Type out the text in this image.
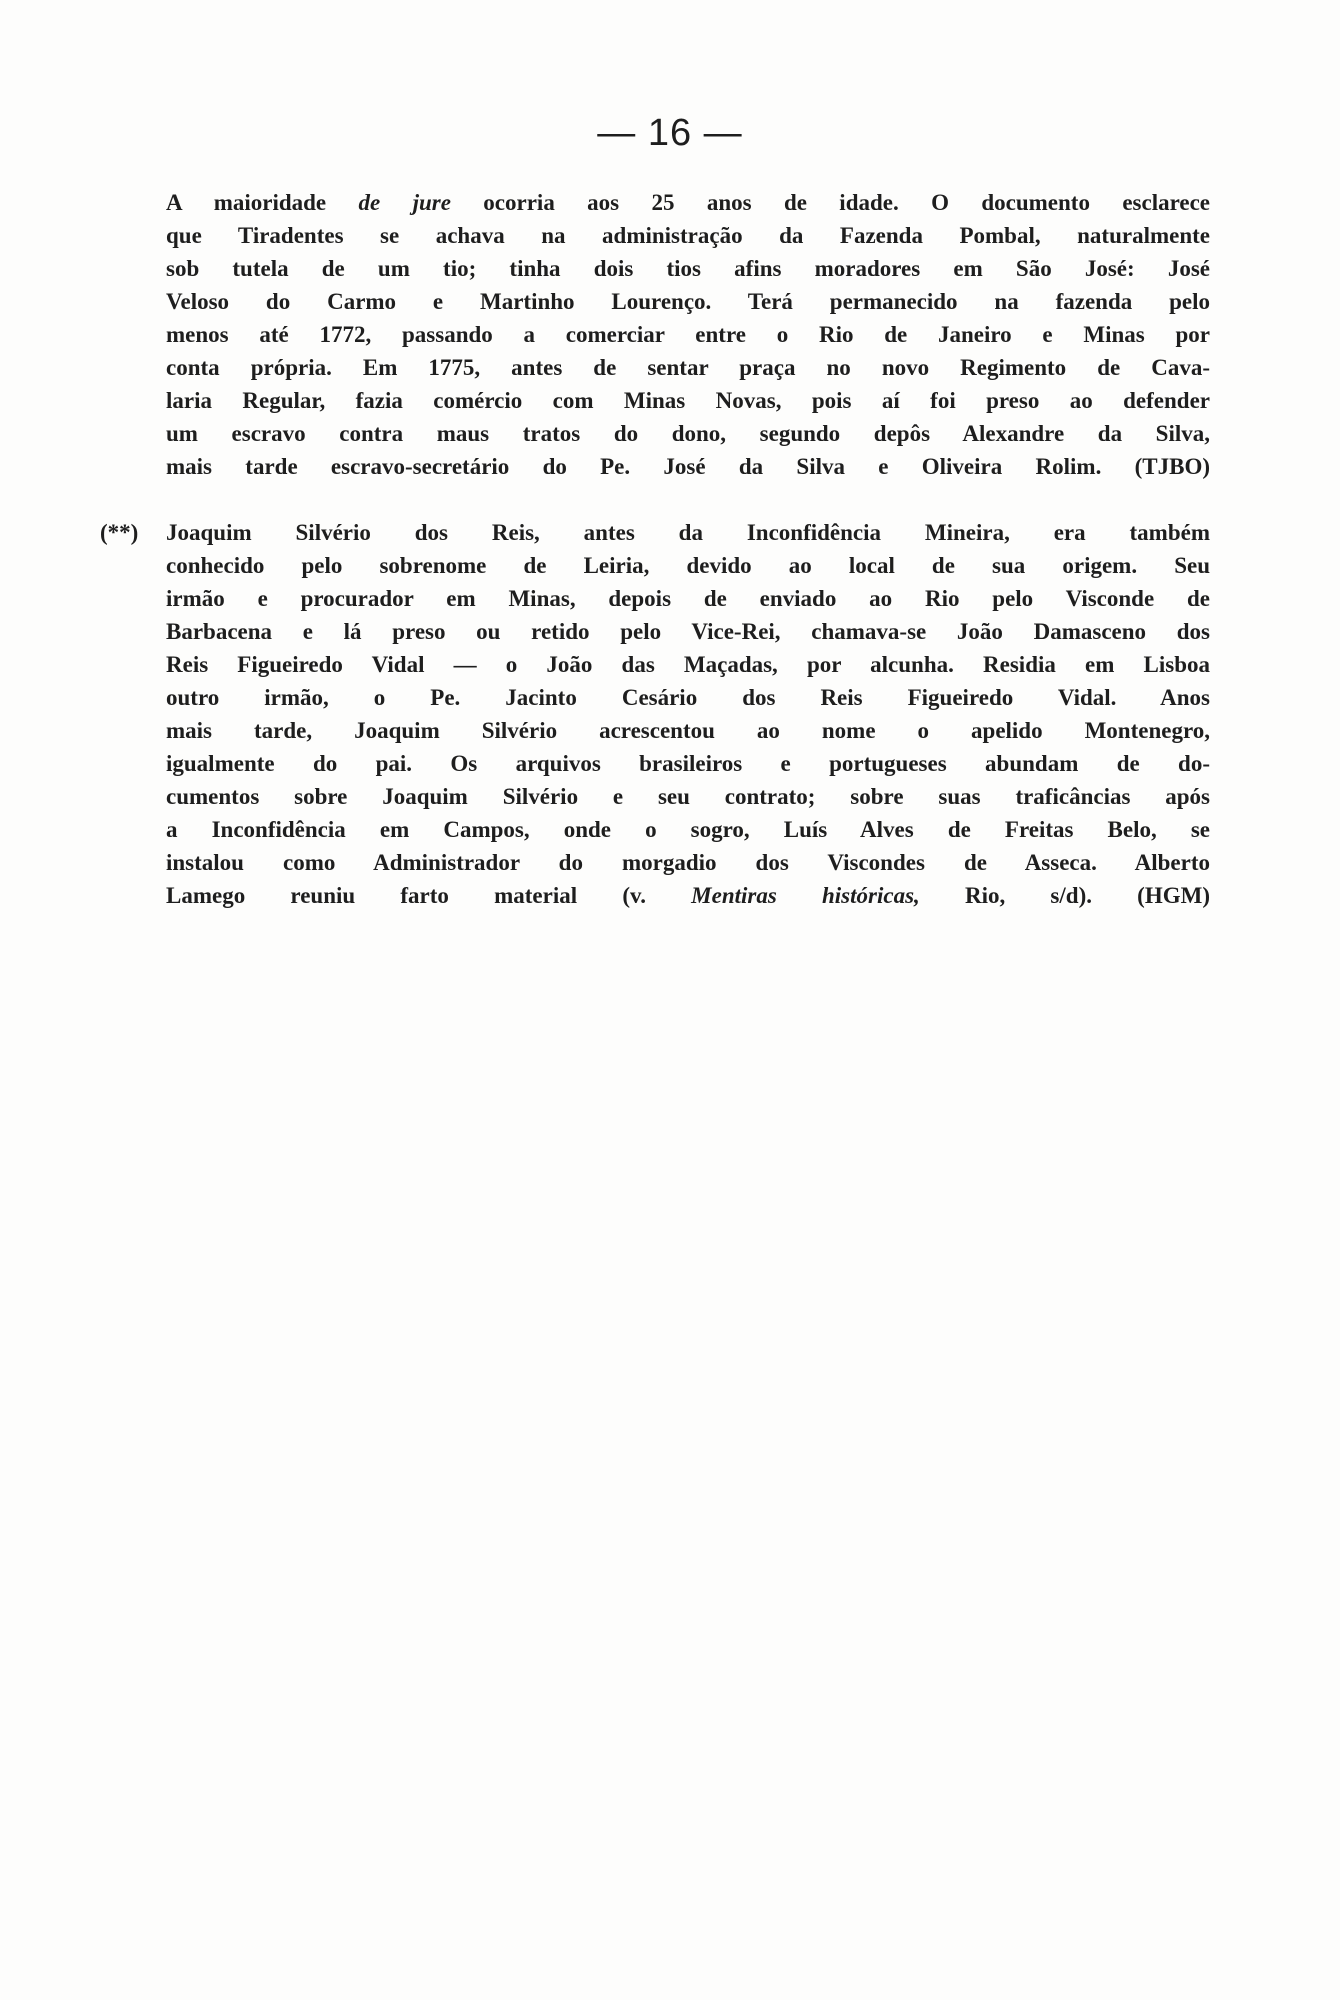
— 16 —
A maioridade de jure ocorria aos 25 anos de idade. O documento esclarece
que Tiradentes se achava na administração da Fazenda Pombal, naturalmente
sob tutela de um tio; tinha dois tios afins moradores em São José: José
Veloso do Carmo e Martinho Lourenço. Terá permanecido na fazenda pelo
menos até 1772, passando a comerciar entre o Rio de Janeiro e Minas por
conta própria. Em 1775, antes de sentar praça no novo Regimento de Cava-
laria Regular, fazia comércio com Minas Novas, pois aí foi preso ao defender
um escravo contra maus tratos do dono, segundo depôs Alexandre da Silva,
mais tarde escravo-secretário do Pe. José da Silva e Oliveira Rolim. (TJBO)
(**) Joaquim Silvério dos Reis, antes da Inconfidência Mineira, era também
conhecido pelo sobrenome de Leiria, devido ao local de sua origem. Seu
irmão e procurador em Minas, depois de enviado ao Rio pelo Visconde de
Barbacena e lá preso ou retido pelo Vice-Rei, chamava-se João Damasceno dos
Reis Figueiredo Vidal — o João das Maçadas, por alcunha. Residia em Lisboa
outro irmão, o Pe. Jacinto Cesário dos Reis Figueiredo Vidal. Anos
mais tarde, Joaquim Silvério acrescentou ao nome o apelido Montenegro,
igualmente do pai. Os arquivos brasileiros e portugueses abundam de do-
cumentos sobre Joaquim Silvério e seu contrato; sobre suas traficâncias após
a Inconfidência em Campos, onde o sogro, Luís Alves de Freitas Belo, se
instalou como Administrador do morgadio dos Viscondes de Asseca. Alberto
Lamego reuniu farto material (v. Mentiras históricas, Rio, s/d). (HGM)
